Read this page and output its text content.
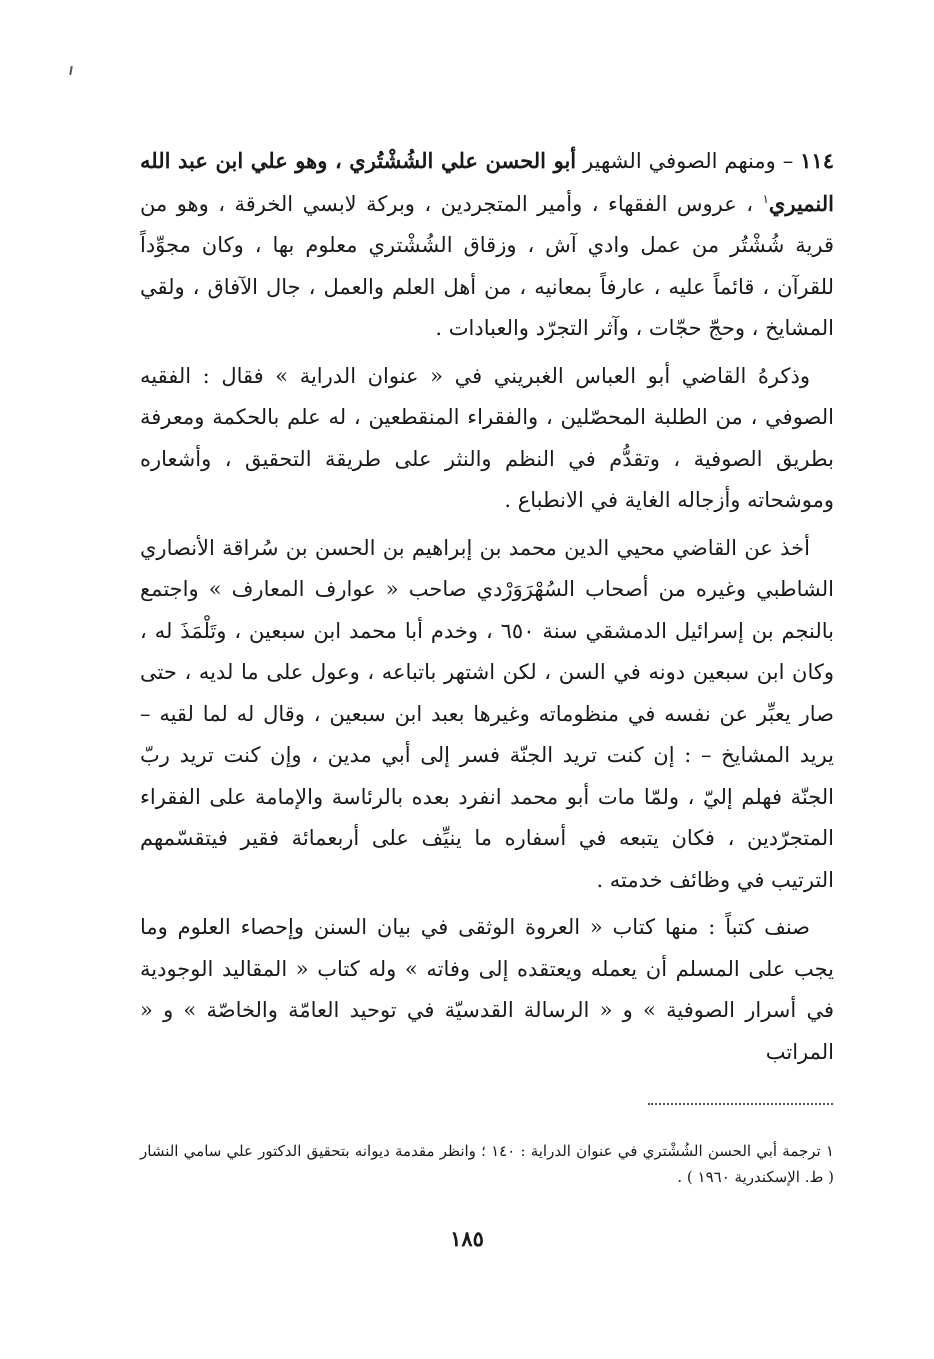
١١٤ – ومنهم الصوفي الشهير أبو الحسن علي الشُشْتُري ، وهو علي ابن عبد الله النميري$^١$ ، عروس الفقهاء ، وأمير المتجردين ، وبركة لابسي الخرقة ، وهو من قرية شُشْتُر من عمل وادي آش ، وزقاق الشُشْتري معلوم بها ، وكان مجوِّداً للقرآن ، قائماً عليه ، عارفاً بمعانيه ، من أهل العلم والعمل ، جال الآفاق ، ولقي المشايخ ، وحجّ حجّات ، وآثر التجرّد والعبادات .

وذكرهُ القاضي أبو العباس الغبريني في « عنوان الدراية » فقال : الفقيه الصوفي ، من الطلبة المحصّلين ، والفقراء المنقطعين ، له علم بالحكمة ومعرفة بطريق الصوفية ، وتقدُّم في النظم والنثر على طريقة التحقيق ، وأشعاره وموشحاته وأزجاله الغاية في الانطباع .

أخذ عن القاضي محيي الدين محمد بن إبراهيم بن الحسن بن سُراقة الأنصاري الشاطبي وغيره من أصحاب السُهْرَوَرْدي صاحب « عوارف المعارف » واجتمع بالنجم بن إسرائيل الدمشقي سنة ٦٥٠ ، وخدم أبا محمد ابن سبعين ، وتَلْمَذَ له ، وكان ابن سبعين دونه في السن ، لكن اشتهر باتباعه ، وعول على ما لديه ، حتى صار يعبِّر عن نفسه في منظوماته وغيرها بعبد ابن سبعين ، وقال له لما لقيه – يريد المشايخ – : إن كنت تريد الجنّة فسر إلى أبي مدين ، وإن كنت تريد ربّ الجنّة فهلم إليّ ، ولمّا مات أبو محمد انفرد بعده بالرئاسة والإمامة على الفقراء المتجرّدين ، فكان يتبعه في أسفاره ما ينيِّف على أربعمائة فقير فيتقسّمهم الترتيب في وظائف خدمته .

صنف كتباً : منها كتاب « العروة الوثقى في بيان السنن وإحصاء العلوم وما يجب على المسلم أن يعمله ويعتقده إلى وفاته » وله كتاب « المقاليد الوجودية في أسرار الصوفية » و « الرسالة القدسيّة في توحيد العامّة والخاصّة » و « المراتب

١ ترجمة أبي الحسن الشُشْتري في عنوان الدراية : ١٤٠ ؛ وانظر مقدمة ديوانه بتحقيق الدكتور علي سامي النشار ( ط. الإسكندرية ١٩٦٠ ) .

١٨٥
